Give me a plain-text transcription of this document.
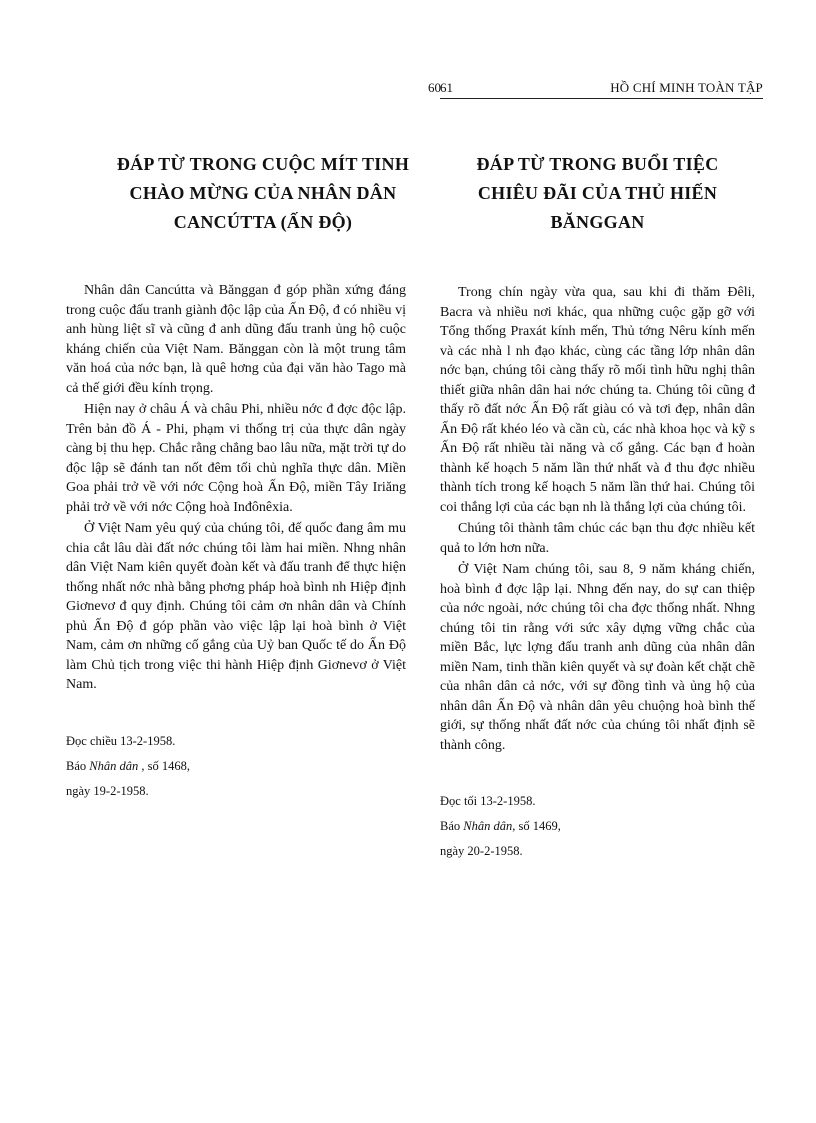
60
ĐÁP TỪ TRONG CUỘC MÍT TINH
CHÀO MỪNG CỦA NHÂN DÂN
CANCÚTTA (ẤN ĐỘ)

Nhân dân Cancútta và Bănggan đ góp phần xứng đáng trong cuộc đấu tranh giành độc lập của Ấn Độ, đ có nhiều vị anh hùng liệt sĩ và cũng đ anh dũng đấu tranh ủng hộ cuộc kháng chiến của Việt Nam. Bănggan còn là một trung tâm văn hoá của nớc bạn, là quê hơng của đại văn hào Tago mà cả thế giới đều kính trọng.

Hiện nay ở châu Á và châu Phi, nhiều nớc đ đợc độc lập. Trên bản đồ Á - Phi, phạm vi thống trị của thực dân ngày càng bị thu hẹp. Chắc rằng chẳng bao lâu nữa, mặt trời tự do độc lập sẽ đánh tan nốt đêm tối chủ nghĩa thực dân. Miền Goa phải trở về với nớc Cộng hoà Ấn Độ, miền Tây Iriăng phải trở về với nớc Cộng hoà Inđônêxia.

Ở Việt Nam yêu quý của chúng tôi, đế quốc đang âm mu chia cắt lâu dài đất nớc chúng tôi làm hai miền. Nhng nhân dân Việt Nam kiên quyết đoàn kết và đấu tranh để thực hiện thống nhất nớc nhà bằng phơng pháp hoà bình nh Hiệp định Giơnevơ đ quy định. Chúng tôi cảm ơn nhân dân và Chính phủ Ấn Độ đ góp phần vào việc lập lại hoà bình ở Việt Nam, cảm ơn những cố gắng của Uỷ ban Quốc tế do Ấn Độ làm Chủ tịch trong việc thi hành Hiệp định Giơnevơ ở Việt Nam.

Đọc chiều 13-2-1958.
Báo Nhân dân , số 1468,
ngày 19-2-1958.
61	HỒ CHÍ MINH TOÀN TẬP
ĐÁP TỪ TRONG BUỔI TIỆC
CHIÊU ĐÃI CỦA THỦ HIẾN BĂNGGAN

Trong chín ngày vừa qua, sau khi đi thăm Đêli, Bacra và nhiều nơi khác, qua những cuộc gặp gỡ với Tổng thống Praxát kính mến, Thủ tớng Nêru kính mến và các nhà l nh đạo khác, cùng các tầng lớp nhân dân nớc bạn, chúng tôi càng thấy rõ mối tình hữu nghị thân thiết giữa nhân dân hai nớc chúng ta. Chúng tôi cũng đ thấy rõ đất nớc Ấn Độ rất giàu có và tơi đẹp, nhân dân Ấn Độ rất khéo léo và cần cù, các nhà khoa học và kỹ s Ấn Độ rất nhiều tài năng và cố gắng. Các bạn đ hoàn thành kế hoạch 5 năm lần thứ nhất và đ thu đợc nhiều thành tích trong kế hoạch 5 năm lần thứ hai. Chúng tôi coi thắng lợi của các bạn nh là thắng lợi của chúng tôi.

Chúng tôi thành tâm chúc các bạn thu đợc nhiều kết quả to lớn hơn nữa.

Ở Việt Nam chúng tôi, sau 8, 9 năm kháng chiến, hoà bình đ đợc lập lại. Nhng đến nay, do sự can thiệp của nớc ngoài, nớc chúng tôi cha đợc thống nhất. Nhng chúng tôi tin rằng với sức xây dựng vững chắc của miền Bắc, lực lợng đấu tranh anh dũng của nhân dân miền Nam, tinh thần kiên quyết và sự đoàn kết chặt chẽ của nhân dân cả nớc, với sự đồng tình và ủng hộ của nhân dân Ấn Độ và nhân dân yêu chuộng hoà bình thế giới, sự thống nhất đất nớc của chúng tôi nhất định sẽ thành công.

Đọc tối 13-2-1958.
Báo Nhân dân, số 1469,
ngày 20-2-1958.
